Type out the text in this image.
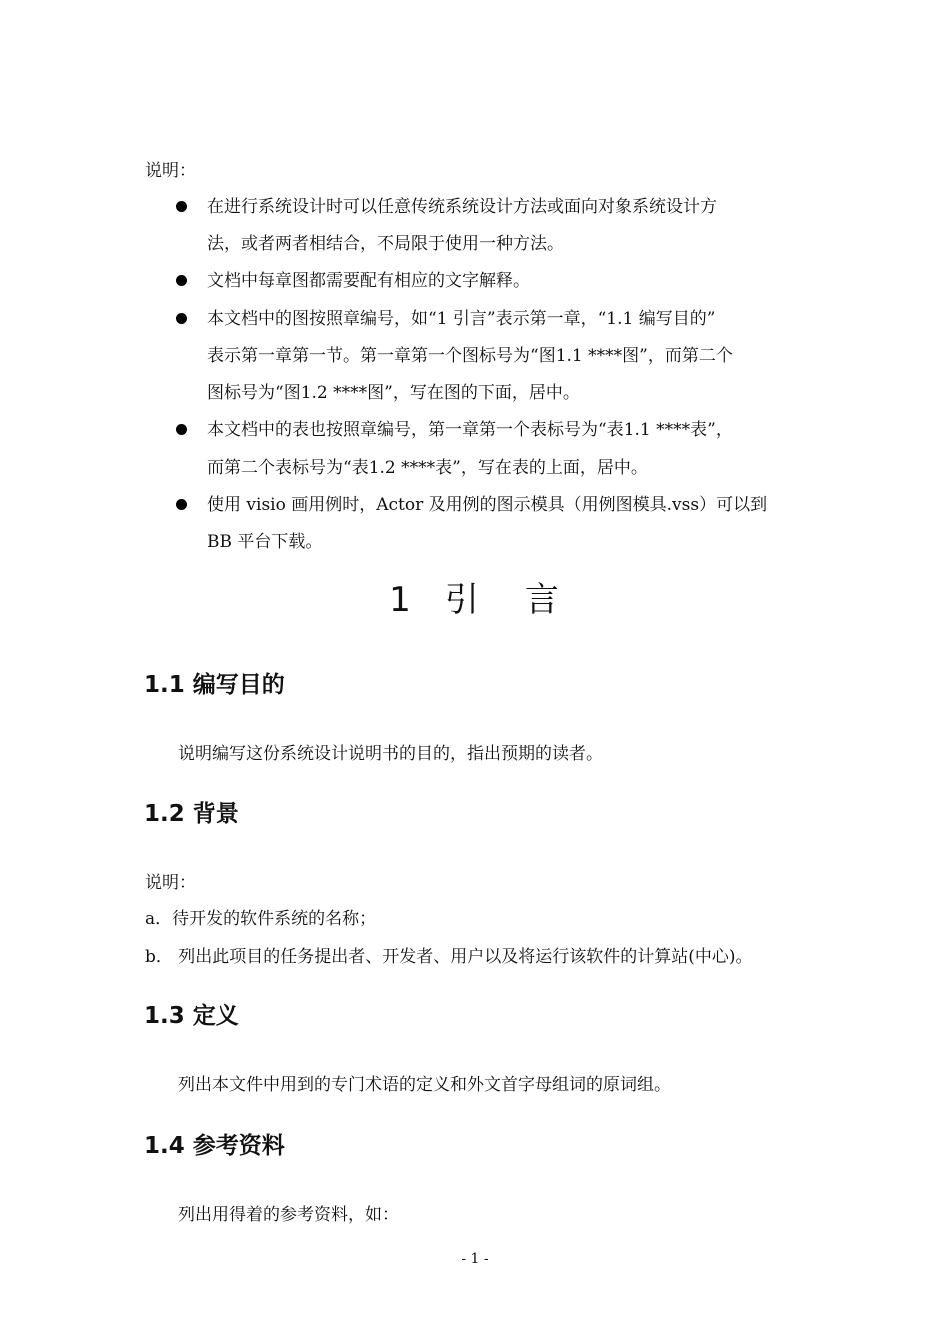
说明：
在进行系统设计时可以任意传统系统设计方法或面向对象系统设计方
法，或者两者相结合，不局限于使用一种方法。
文档中每章图都需要配有相应的文字解释。
本文档中的图按照章编号，如“1 引言”表示第一章，“1.1 编写目的”
表示第一章第一节。第一章第一个图标号为“图1.1 ****图”，而第二个
图标号为“图1.2 ****图”，写在图的下面，居中。
本文档中的表也按照章编号，第一章第一个表标号为“表1.1 ****表”，
而第二个表标号为“表1.2 ****表”，写在表的上面，居中。
使用 visio 画用例时，Actor 及用例的图示模具（用例图模具.vss）可以到
BB 平台下载。
1 引 言
1.1 编写目的
说明编写这份系统设计说明书的目的，指出预期的读者。
1.2 背景
说明：
a．待开发的软件系统的名称；
b． 列出此项目的任务提出者、开发者、用户以及将运行该软件的计算站(中心)。
1.3 定义
列出本文件中用到的专门术语的定义和外文首字母组词的原词组。
1.4 参考资料
列出用得着的参考资料，如：
- 1 -
